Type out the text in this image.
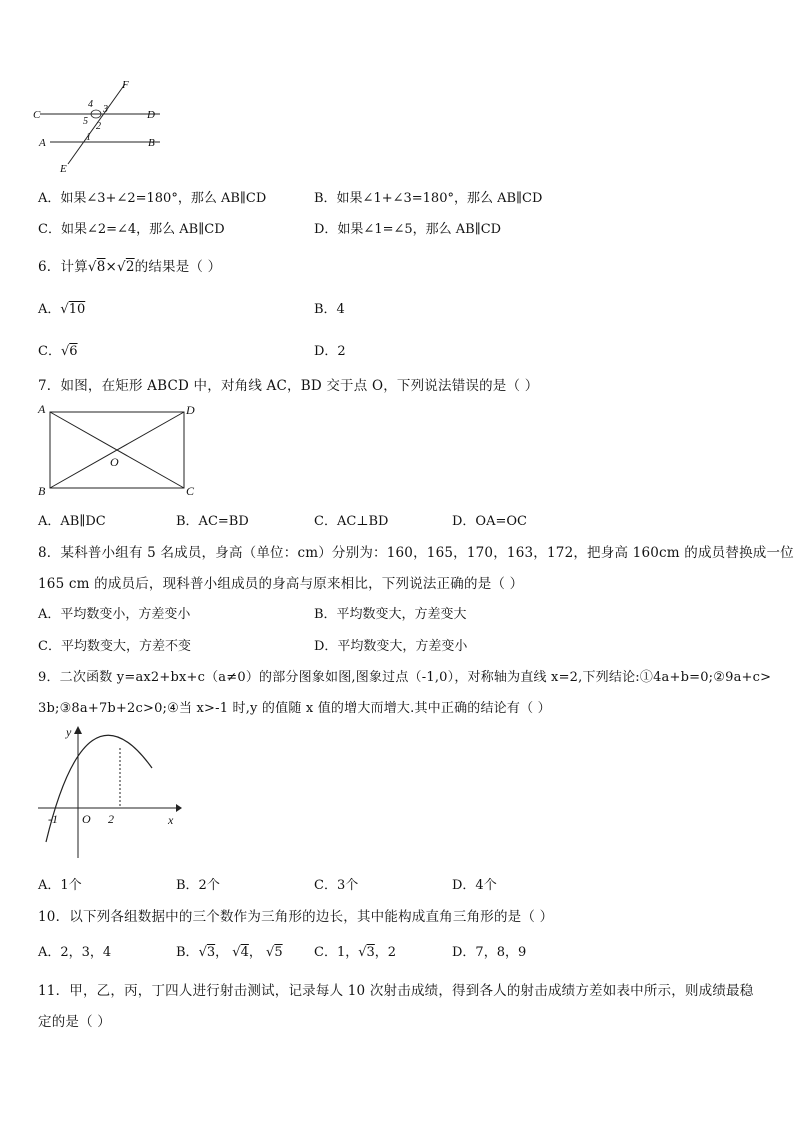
F
C
4 3	D
5 2
A	1	B
E
A．如果∠3+∠2=180°，那么 AB∥CD	B．如果∠1+∠3=180°，那么 AB∥CD
C．如果∠2=∠4，那么 AB∥CD	D．如果∠1=∠5，那么 AB∥CD
6．计算√8×√2的结果是（ ）
A．√10	B．4
C．√6	D．2
7．如图，在矩形 ABCD 中，对角线 AC，BD 交于点 O，下列说法错误的是（ ）
A	D
O
B	C
A．AB∥DC	B．AC=BD	C．AC⊥BD	D．OA=OC
8．某科普小组有 5 名成员，身高（单位：cm）分别为：160，165，170，163，172，把身高 160cm 的成员替换成一位
165 cm 的成员后，现科普小组成员的身高与原来相比，下列说法正确的是（ ）
A．平均数变小，方差变小	B．平均数变大，方差变大
C．平均数变大，方差不变	D．平均数变大，方差变小
9．二次函数 y=ax2+bx+c（a≠0）的部分图象如图,图象过点（-1,0），对称轴为直线 x=2,下列结论:①4a+b=0;②9a+c>
3b;③8a+7b+2c>0;④当 x>-1 时,y 的值随 x 值的增大而增大.其中正确的结论有（ ）
y
x
-1 O 2
A．1个	B．2个	C．3个	D．4个
10．以下列各组数据中的三个数作为三角形的边长，其中能构成直角三角形的是（ ）
A．2，3，4	B．√3， √4， √5 C．1，√3，2	D．7，8，9
11．甲，乙，丙，丁四人进行射击测试，记录每人 10 次射击成绩，得到各人的射击成绩方差如表中所示，则成绩最稳
定的是（ ）
